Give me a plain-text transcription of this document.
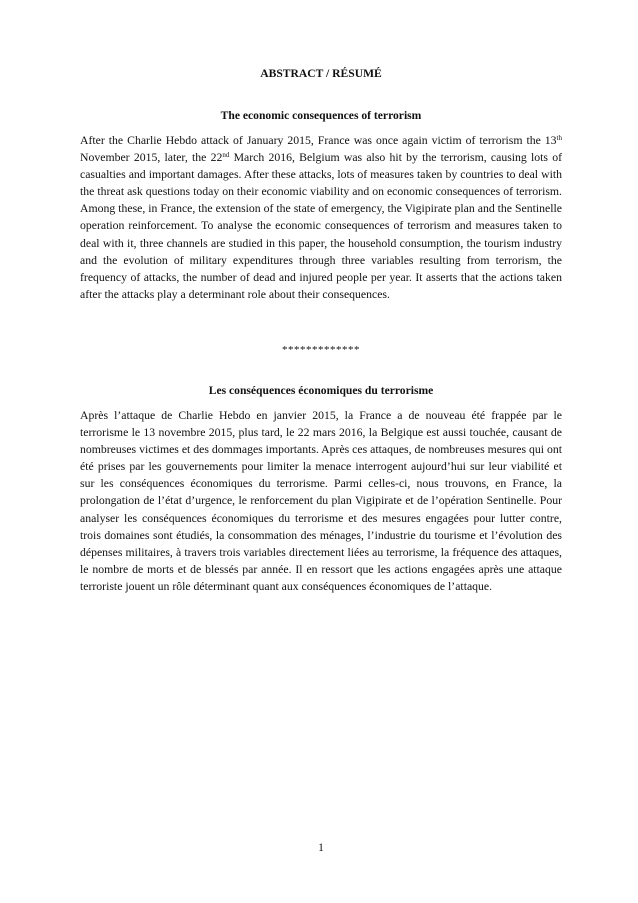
ABSTRACT / RÉSUMÉ
The economic consequences of terrorism

After the Charlie Hebdo attack of January 2015, France was once again victim of terrorism the 13th November 2015, later, the 22nd March 2016, Belgium was also hit by the terrorism, causing lots of casualties and important damages. After these attacks, lots of measures taken by countries to deal with the threat ask questions today on their economic viability and on economic consequences of terrorism. Among these, in France, the extension of the state of emergency, the Vigipirate plan and the Sentinelle operation reinforcement. To analyse the economic consequences of terrorism and measures taken to deal with it, three channels are studied in this paper, the household consumption, the tourism industry and the evolution of military expenditures through three variables resulting from terrorism, the frequency of attacks, the number of dead and injured people per year. It asserts that the actions taken after the attacks play a determinant role about their consequences.

*************

Les conséquences économiques du terrorisme

Après l’attaque de Charlie Hebdo en janvier 2015, la France a de nouveau été frappée par le terrorisme le 13 novembre 2015, plus tard, le 22 mars 2016, la Belgique est aussi touchée, causant de nombreuses victimes et des dommages importants. Après ces attaques, de nombreuses mesures qui ont été prises par les gouvernements pour limiter la menace interrogent aujourd’hui sur leur viabilité et sur les conséquences économiques du terrorisme. Parmi celles-ci, nous trouvons, en France, la prolongation de l’état d’urgence, le renforcement du plan Vigipirate et de l’opération Sentinelle. Pour analyser les conséquences économiques du terrorisme et des mesures engagées pour lutter contre, trois domaines sont étudiés, la consommation des ménages, l’industrie du tourisme et l’évolution des dépenses militaires, à travers trois variables directement liées au terrorisme, la fréquence des attaques, le nombre de morts et de blessés par année. Il en ressort que les actions engagées après une attaque terroriste jouent un rôle déterminant quant aux conséquences économiques de l’attaque.

1
